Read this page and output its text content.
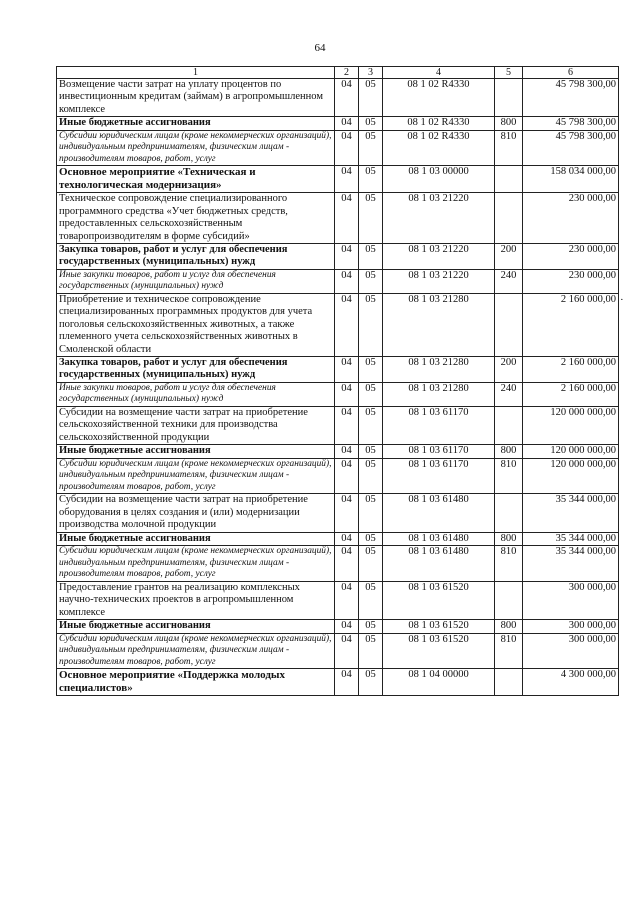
64
1	2	3	4	5	6
Возмещение части затрат на уплату процентов по инвестиционным кредитам (займам) в агропромышленном комплексе	04	05	08 1 02 R4330		45 798 300,00
Иные бюджетные ассигнования	04	05	08 1 02 R4330	800	45 798 300,00
Субсидии юридическим лицам (кроме некоммерческих организаций), индивидуальным предпринимателям, физическим лицам - производителям товаров, работ, услуг	04	05	08 1 02 R4330	810	45 798 300,00
Основное мероприятие «Техническая и технологическая модернизация»	04	05	08 1 03 00000		158 034 000,00
Техническое сопровождение специализированного программного средства «Учет бюджетных средств, предоставленных сельскохозяйственным товаропроизводителям в форме субсидий»	04	05	08 1 03 21220		230 000,00
Закупка товаров, работ и услуг для обеспечения государственных (муниципальных) нужд	04	05	08 1 03 21220	200	230 000,00
Иные закупки товаров, работ и услуг для обеспечения государственных (муниципальных) нужд	04	05	08 1 03 21220	240	230 000,00
Приобретение и техническое сопровождение специализированных программных продуктов для учета поголовья сельскохозяйственных животных, а также племенного учета сельскохозяйственных животных в Смоленской области	04	05	08 1 03 21280		2 160 000,00
Закупка товаров, работ и услуг для обеспечения государственных (муниципальных) нужд	04	05	08 1 03 21280	200	2 160 000,00
Иные закупки товаров, работ и услуг для обеспечения государственных (муниципальных) нужд	04	05	08 1 03 21280	240	2 160 000,00
Субсидии на возмещение части затрат на приобретение сельскохозяйственной техники для производства сельскохозяйственной продукции	04	05	08 1 03 61170		120 000 000,00
Иные бюджетные ассигнования	04	05	08 1 03 61170	800	120 000 000,00
Субсидии юридическим лицам (кроме некоммерческих организаций), индивидуальным предпринимателям, физическим лицам - производителям товаров, работ, услуг	04	05	08 1 03 61170	810	120 000 000,00
Субсидии на возмещение части затрат на приобретение оборудования в целях создания и (или) модернизации производства молочной продукции	04	05	08 1 03 61480		35 344 000,00
Иные бюджетные ассигнования	04	05	08 1 03 61480	800	35 344 000,00
Субсидии юридическим лицам (кроме некоммерческих организаций), индивидуальным предпринимателям, физическим лицам - производителям товаров, работ, услуг	04	05	08 1 03 61480	810	35 344 000,00
Предоставление грантов на реализацию комплексных научно-технических проектов в агропромышленном комплексе	04	05	08 1 03 61520		300 000,00
Иные бюджетные ассигнования	04	05	08 1 03 61520	800	300 000,00
Субсидии юридическим лицам (кроме некоммерческих организаций), индивидуальным предпринимателям, физическим лицам - производителям товаров, работ, услуг	04	05	08 1 03 61520	810	300 000,00
Основное мероприятие «Поддержка молодых специалистов»	04	05	08 1 04 00000		4 300 000,00
·
